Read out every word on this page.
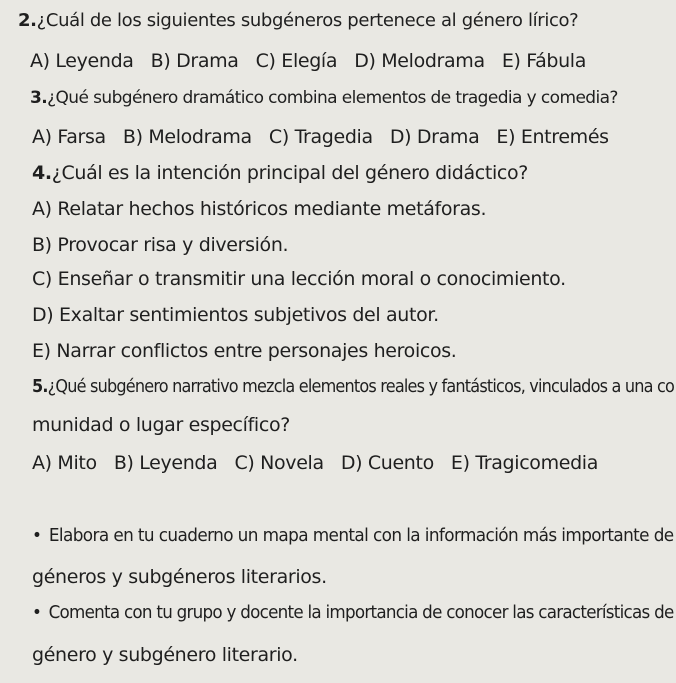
2.¿Cuál de los siguientes subgéneros pertenece al género lírico?
A) Leyenda   B) Drama   C) Elegía   D) Melodrama   E) Fábula
3.¿Qué subgénero dramático combina elementos de tragedia y comedia?
A) Farsa   B) Melodrama   C) Tragedia   D) Drama   E) Entremés
4.¿Cuál es la intención principal del género didáctico?
A) Relatar hechos históricos mediante metáforas.
B) Provocar risa y diversión.
C) Enseñar o transmitir una lección moral o conocimiento.
D) Exaltar sentimientos subjetivos del autor.
E) Narrar conflictos entre personajes heroicos.
5.¿Qué subgénero narrativo mezcla elementos reales y fantásticos, vinculados a una co
munidad o lugar específico?
A) Mito   B) Leyenda   C) Novela   D) Cuento   E) Tragicomedia
• Elabora en tu cuaderno un mapa mental con la información más importante de
géneros y subgéneros literarios.
• Comenta con tu grupo y docente la importancia de conocer las características de
género y subgénero literario.
